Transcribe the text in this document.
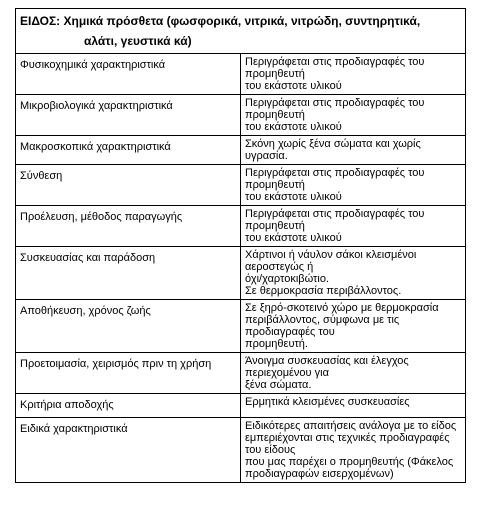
ΕΙΔΟΣ: Χημικά πρόσθετα (φωσφορικά, νιτρικά, νιτρώδη, συντηρητικά,
αλάτι, γευστικά κά)	

Φυσικοχημικά χαρακτηριστικά	Περιγράφεται στις προδιαγραφές του προμηθευτή
του εκάστοτε υλικού

Μικροβιολογικά χαρακτηριστικά	Περιγράφεται στις προδιαγραφές του προμηθευτή
του εκάστοτε υλικού

Μακροσκοπικά χαρακτηριστικά	Σκόνη χωρίς ξένα σώματα και χωρίς υγρασία.

Σύνθεση	Περιγράφεται στις προδιαγραφές του προμηθευτή
του εκάστοτε υλικού

Προέλευση, μέθοδος παραγωγής	Περιγράφεται στις προδιαγραφές του προμηθευτή
του εκάστοτε υλικού

Συσκευασίας και παράδοση	Χάρτινοι ή νάυλον σάκοι κλεισμένοι αεροστεγώς ή
όχι/χαρτοκιβώτιο.
Σε θερμοκρασία περιβάλλοντος.

Αποθήκευση, χρόνος ζωής	Σε ξηρό-σκοτεινό χώρο με θερμοκρασία
περιβάλλοντος, σύμφωνα με τις προδιαγραφές του
προμηθευτή.

Προετοιμασία, χειρισμός πριν τη χρήση	Άνοιγμα συσκευασίας και έλεγχος περιεχομένου για
ξένα σώματα.

Κριτήρια αποδοχής	Ερμητικά κλεισμένες συσκευασίες

Ειδικά χαρακτηριστικά	Ειδικότερες απαιτήσεις ανάλογα με το είδος
εμπεριέχονται στις τεχνικές προδιαγραφές του είδους
που μας παρέχει ο προμηθευτής (Φάκελος
προδιαγραφών εισερχομένων)
